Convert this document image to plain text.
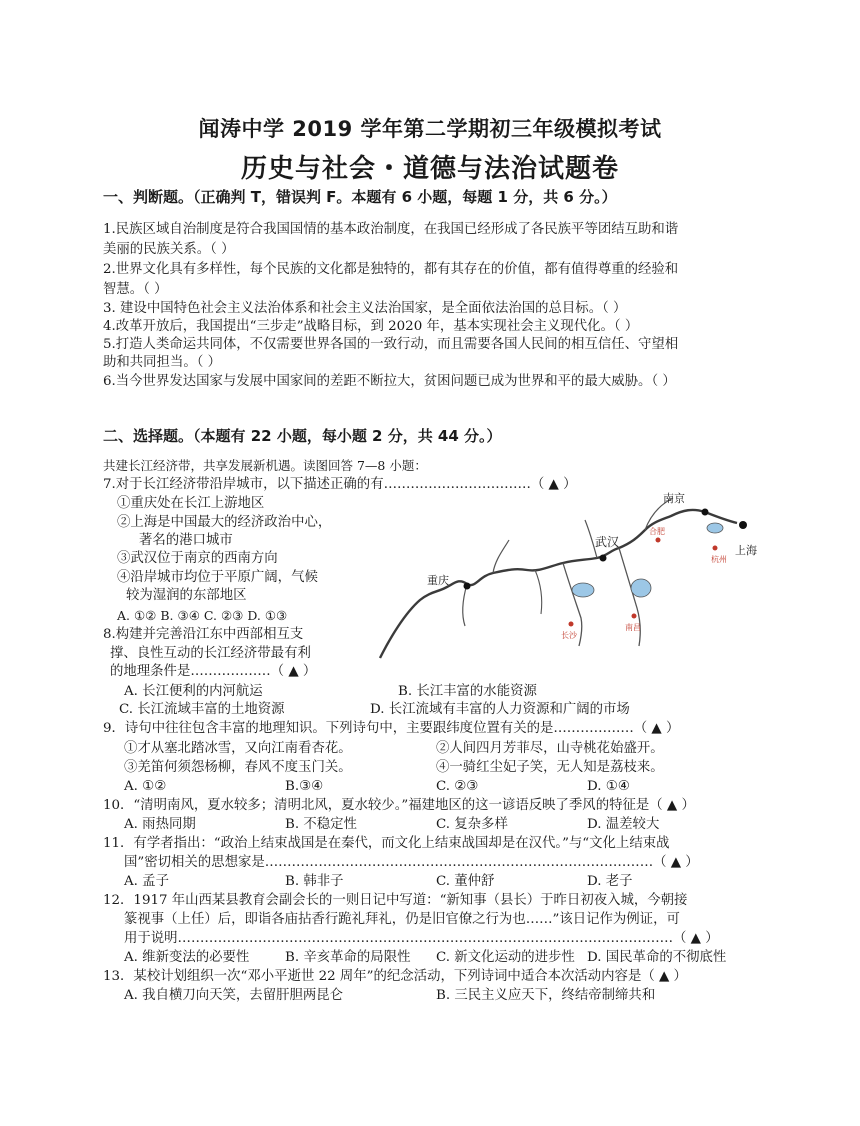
闻涛中学 2019 学年第二学期初三年级模拟考试
历史与社会・道德与法治试题卷
一、判断题。（正确判 T，错误判 F。本题有 6 小题，每题 1 分，共 6 分。）
1.民族区域自治制度是符合我国国情的基本政治制度，在我国已经形成了各民族平等团结互助和谐
美丽的民族关系。（ ）
2.世界文化具有多样性，每个民族的文化都是独特的，都有其存在的价值，都有值得尊重的经验和
智慧。（ ）
3. 建设中国特色社会主义法治体系和社会主义法治国家，是全面依法治国的总目标。（ ）
4.改革开放后，我国提出“三步走”战略目标，到 2020 年，基本实现社会主义现代化。（ ）
5.打造人类命运共同体，不仅需要世界各国的一致行动，而且需要各国人民间的相互信任、守望相
助和共同担当。（ ）
6.当今世界发达国家与发展中国家间的差距不断拉大，贫困问题已成为世界和平的最大威胁。（ ）
二、选择题。（本题有 22 小题，每小题 2 分，共 44 分。）
共建长江经济带，共享发展新机遇。读图回答 7—8 小题：
7.对于长江经济带沿岸城市，以下描述正确的有……………………………（ ▲ ）
①重庆处在长江上游地区
②上海是中国最大的经济政治中心，
著名的港口城市
③武汉位于南京的西南方向
④沿岸城市均位于平原广阔，气候
较为湿润的东部地区
A. ①② B. ③④ C. ②③ D. ①③
8.构建并完善沿江东中西部相互支
撑、良性互动的长江经济带最有利
的地理条件是………………（ ▲ ）
A. 长江便利的内河航运	B. 长江丰富的水能资源
C. 长江流域丰富的土地资源	D. 长江流域有丰富的人力资源和广阔的市场
9．诗句中往往包含丰富的地理知识。下列诗句中，主要跟纬度位置有关的是………………（ ▲ ）
①才从塞北踏冰雪，又向江南看杏花。	②人间四月芳菲尽，山寺桃花始盛开。
③羌笛何须怨杨柳，春风不度玉门关。	④一骑红尘妃子笑，无人知是荔枝来。
A. ①②	B.③④	C. ②③	D. ①④
10．“清明南风，夏水较多；清明北风，夏水较少。”福建地区的这一谚语反映了季风的特征是（ ▲ ）
A. 雨热同期	B. 不稳定性	C. 复杂多样	D. 温差较大
11．有学者指出：“政治上结束战国是在秦代，而文化上结束战国却是在汉代。”与“文化上结束战
国”密切相关的思想家是……………………………………………………………………………（ ▲ ）
A. 孟子	B. 韩非子	C. 董仲舒	D. 老子
12．1917 年山西某县教育会副会长的一则日记中写道：“新知事（县长）于昨日初夜入城，今朝接
篆视事（上任）后，即诣各庙拈香行跪礼拜礼，仍是旧官僚之行为也……”该日记作为例证，可
用于说明…………………………………………………………………………………………………（ ▲ ）
A. 维新变法的必要性	B. 辛亥革命的局限性 C. 新文化运动的进步性 D. 国民革命的不彻底性
13．某校计划组织一次“邓小平逝世 22 周年”的纪念活动，下列诗词中适合本次活动内容是（ ▲ ）
A. 我自横刀向天笑，去留肝胆两昆仑	B. 三民主义应天下，终结帝制缔共和
南京
上海
武汉
重庆
合肥
杭州
长沙
南昌
